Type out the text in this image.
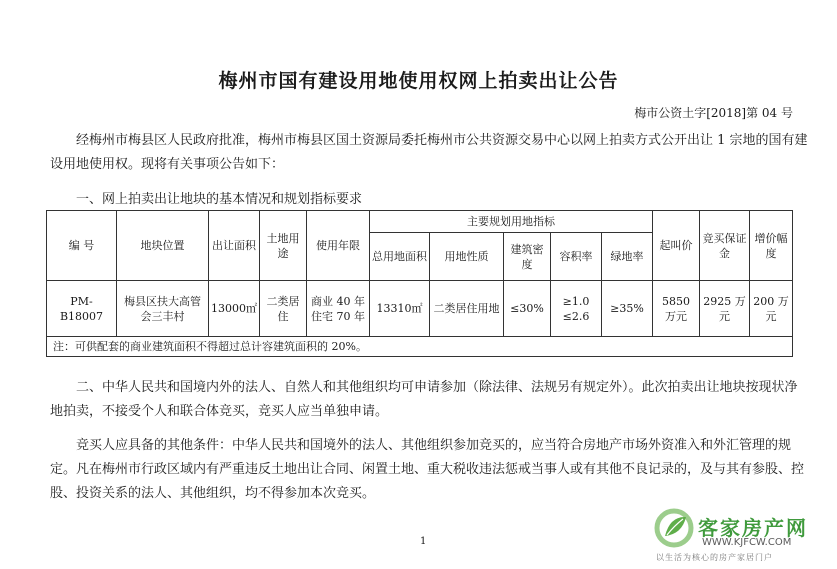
梅州市国有建设用地使用权网上拍卖出让公告
梅市公资土字[2018]第 04 号

经梅州市梅县区人民政府批准，梅州市梅县区国土资源局委托梅州市公共资源交易中心以网上拍卖方式公开出让 1 宗地的国有建设用地使用权。现将有关事项公告如下：

一、网上拍卖出让地块的基本情况和规划指标要求
编 号	地块位置	出让面积	土地用途	使用年限	主要规划用地指标					起叫价	竞买保证金	增价幅度
					总用地面积	用地性质	建筑密度	容积率	绿地率			
PM-B18007	梅县区扶大高管会三丰村	13000㎡	二类居住	商业 40 年住宅 70 年	13310㎡	二类居住用地	≤30%	≥1.0 ≤2.6	≥35%	5850 万元	2925 万元	200 万元
注：可供配套的商业建筑面积不得超过总计容建筑面积的 20%。												

二、中华人民共和国境内外的法人、自然人和其他组织均可申请参加（除法律、法规另有规定外）。此次拍卖出让地块按现状净地拍卖，不接受个人和联合体竞买，竞买人应当单独申请。

竞买人应具备的其他条件：中华人民共和国境外的法人、其他组织参加竞买的，应当符合房地产市场外资准入和外汇管理的规定。凡在梅州市行政区域内有严重违反土地出让合同、闲置土地、重大税收违法惩戒当事人或有其他不良记录的，及与其有参股、控股、投资关系的法人、其他组织，均不得参加本次竞买。

1
客家房产网
WWW.KJFCW.COM
以生活为核心的房产家居门户
